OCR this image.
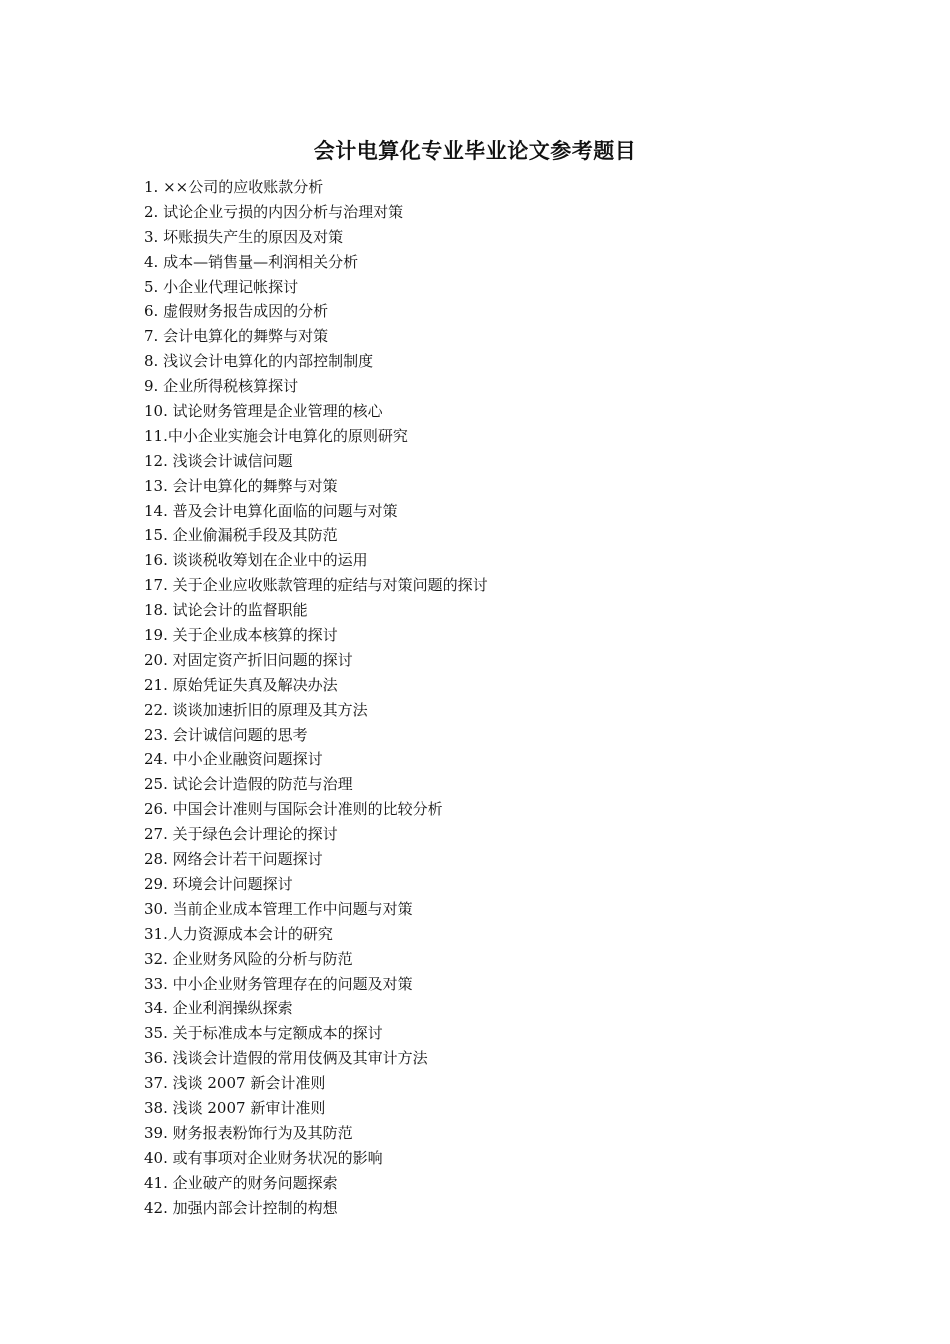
会计电算化专业毕业论文参考题目
1. ××公司的应收账款分析
2. 试论企业亏损的内因分析与治理对策
3. 坏账损失产生的原因及对策
4. 成本—销售量—利润相关分析
5. 小企业代理记帐探讨
6. 虚假财务报告成因的分析
7. 会计电算化的舞弊与对策
8. 浅议会计电算化的内部控制制度
9. 企业所得税核算探讨
10. 试论财务管理是企业管理的核心
11.中小企业实施会计电算化的原则研究
12. 浅谈会计诚信问题
13. 会计电算化的舞弊与对策
14. 普及会计电算化面临的问题与对策
15. 企业偷漏税手段及其防范
16. 谈谈税收筹划在企业中的运用
17. 关于企业应收账款管理的症结与对策问题的探讨
18. 试论会计的监督职能
19. 关于企业成本核算的探讨
20. 对固定资产折旧问题的探讨
21. 原始凭证失真及解决办法
22. 谈谈加速折旧的原理及其方法
23. 会计诚信问题的思考
24. 中小企业融资问题探讨
25. 试论会计造假的防范与治理
26. 中国会计准则与国际会计准则的比较分析
27. 关于绿色会计理论的探讨
28. 网络会计若干问题探讨
29. 环境会计问题探讨
30. 当前企业成本管理工作中问题与对策
31.人力资源成本会计的研究
32. 企业财务风险的分析与防范
33. 中小企业财务管理存在的问题及对策
34. 企业利润操纵探索
35. 关于标准成本与定额成本的探讨
36. 浅谈会计造假的常用伎俩及其审计方法
37. 浅谈 2007 新会计准则
38. 浅谈 2007 新审计准则
39. 财务报表粉饰行为及其防范
40. 或有事项对企业财务状况的影响
41. 企业破产的财务问题探索
42. 加强内部会计控制的构想
